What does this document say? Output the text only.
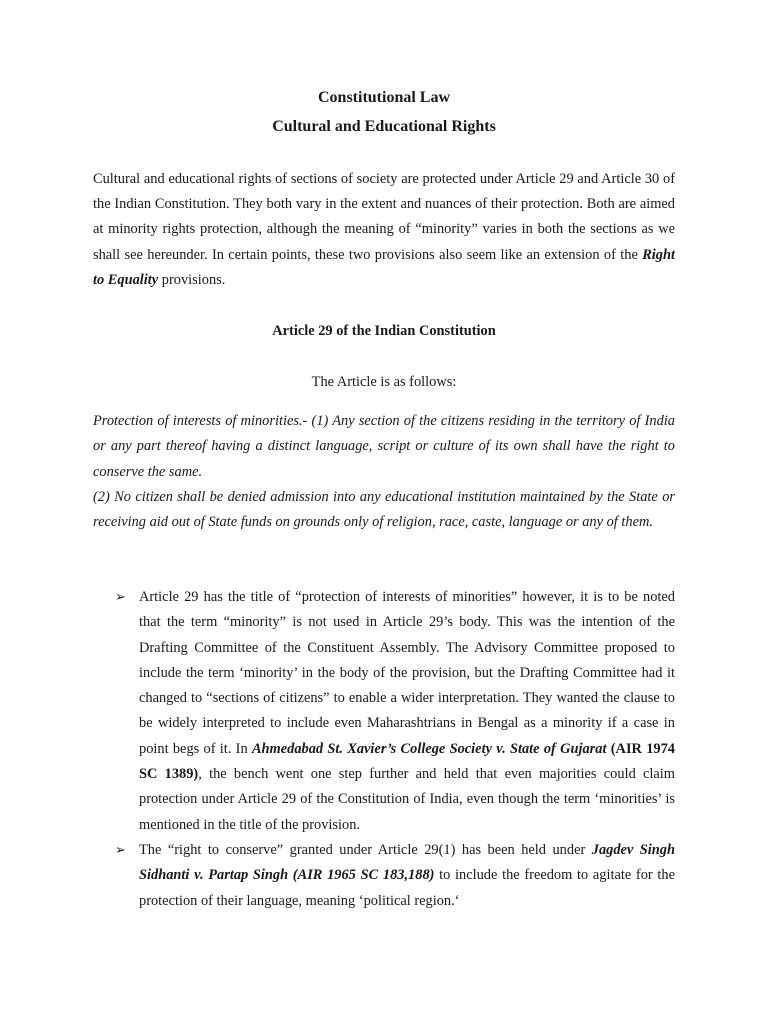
Constitutional Law
Cultural and Educational Rights
Cultural and educational rights of sections of society are protected under Article 29 and Article 30 of the Indian Constitution. They both vary in the extent and nuances of their protection. Both are aimed at minority rights protection, although the meaning of “minority” varies in both the sections as we shall see hereunder. In certain points, these two provisions also seem like an extension of the Right to Equality provisions.
Article 29 of the Indian Constitution
The Article is as follows:
Protection of interests of minorities.- (1) Any section of the citizens residing in the territory of India or any part thereof having a distinct language, script or culture of its own shall have the right to conserve the same.
(2) No citizen shall be denied admission into any educational institution maintained by the State or receiving aid out of State funds on grounds only of religion, race, caste, language or any of them.
➢ Article 29 has the title of “protection of interests of minorities” however, it is to be noted that the term “minority” is not used in Article 29’s body. This was the intention of the Drafting Committee of the Constituent Assembly. The Advisory Committee proposed to include the term ‘minority’ in the body of the provision, but the Drafting Committee had it changed to “sections of citizens” to enable a wider interpretation. They wanted the clause to be widely interpreted to include even Maharashtrians in Bengal as a minority if a case in point begs of it. In Ahmedabad St. Xavier’s College Society v. State of Gujarat (AIR 1974 SC 1389), the bench went one step further and held that even majorities could claim protection under Article 29 of the Constitution of India, even though the term ‘minorities’ is mentioned in the title of the provision.
➢ The “right to conserve” granted under Article 29(1) has been held under Jagdev Singh Sidhanti v. Partap Singh (AIR 1965 SC 183,188) to include the freedom to agitate for the protection of their language, meaning ‘political region.‘
